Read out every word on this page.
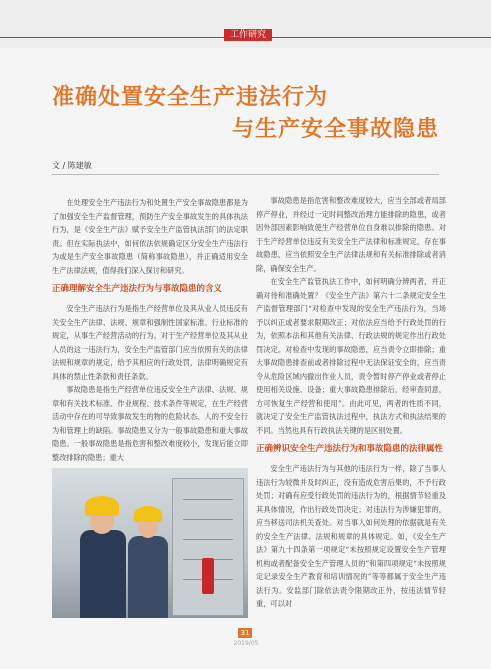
工作研究
准确处置安全生产违法行为
与生产安全事故隐患
文 / 陈建敏

在处理安全生产违法行为和处置生产安全事故隐患都是为了加强安全生产监督管理，预防生产安全事故发生的具体执法行为，是《安全生产法》赋予安全生产监管执法部门的法定职责。但在实际执法中，如何依法依规确定区分安全生产违法行为或是生产安全事故隐患（简称事故隐患），并正确适用安全生产法律法规，值得我们深入探讨和研究。

正确理解安全生产违法行为与事故隐患的含义

安全生产违法行为是指生产经营单位及其从业人员违反有关安全生产法律、法规、规章和强制性国家标准、行业标准的规定，从事生产经营活动的行为。对于生产经营单位及其从业人员的这一违法行为，安全生产监管部门应当依照有关的法律法规和规章的规定，给予其相应的行政处罚，法律明确规定有具体的禁止性条款和责任条款。

事故隐患是指生产经营单位违反安全生产法律、法规、规章和有关技术标准、作业规程、技术条件等规定，在生产经营活动中存在的可导致事故发生的物的危险状态、人的不安全行为和管理上的缺陷。事故隐患又分为一般事故隐患和重大事故隐患。一般事故隐患是指危害和整改难度较小，发现后能立即整改排除的隐患；重大

事故隐患是指危害和整改难度较大，应当全部或者局部停产停业，并经过一定时间整改治理方能排除的隐患，或者因外部因素影响致使生产经营单位自身难以排除的隐患。对于生产经营单位违反有关安全生产法律和标准规定，存在事故隐患，应当依照安全生产法律法规和有关标准排除或者消除，确保安全生产。

在安全生产监管执法工作中，如何明确分辨两者，并正确对待和准确处置？《安全生产法》第六十二条规定安全生产监督管理部门“对检查中发现的安全生产违法行为，当场予以纠正或者要求限期改正；对依法应当给予行政处罚的行为，依照本法和其他有关法律、行政法规的规定作出行政处罚决定。对检查中发现的事故隐患，应当责令立即排除；重大事故隐患排查前或者排除过程中无法保证安全的，应当责令从危险区域内撤出作业人员，责令暂时停产停业或者停止使用相关设施、设备；重大事故隐患排除后，经审查同意，方可恢复生产经营和使用”。由此可见，两者的性质不同，就决定了安全生产监管执法过程中，执法方式和执法结果的不同。当然也具有行政执法关键的是区别处置。

正确辨识安全生产违法行为和事故隐患的法律属性

安全生产违法行为与其他的违法行为一样，除了当事人违法行为较微并及时纠正，没有造成危害后果的，不予行政处罚；对确有应受行政处罚的违法行为的，根据情节轻重及其具体情况，作出行政处罚决定；对违法行为涉嫌犯罪的，应当移送司法机关查处。对当事人如何处理的依据就是有关的安全生产法律、法规和规章的具体规定。如，《安全生产法》第九十四条第一项规定“未按照规定设置安全生产管理机构或者配备安全生产管理人员的”和第四项规定“未按照规定记录安全生产教育和培训情况的”等等都属于安全生产违法行为。安监部门除依法责令限期改正外，按违法情节轻重，可以对

31
2019/05
